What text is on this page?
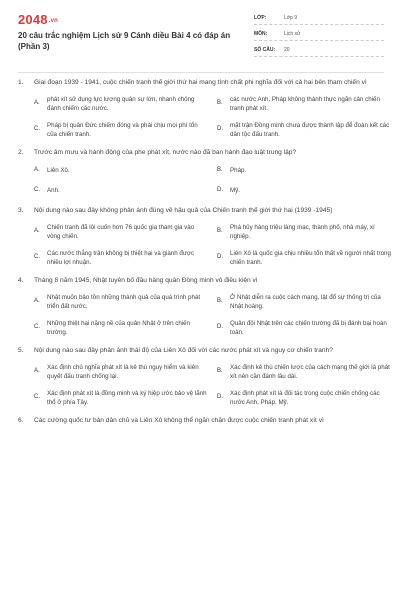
2048.vn
20 câu trắc nghiệm Lịch sử 9 Cánh diều Bài 4 có đáp án (Phần 3)
LỚP:	Lớp 9
MÔN:	Lịch sử
SỐ CÂU:	20
1.	Giai đoạn 1939 - 1941, cuộc chiến tranh thế giới thứ hai mang tính chất phi nghĩa đối với cả hai bên tham chiến vì
A.
phát xít sử dụng lực lượng quân sự lớn, nhanh chóng đánh chiếm các nước.
B.
các nước Anh, Pháp không thành thực ngăn cản chiến tranh phát xít.
C.
Pháp bị quân Đức chiếm đóng và phải chịu mọi phí tổn của chiến tranh.
D.
mặt trận Đồng minh chưa được thành lập để đoàn kết các dân tộc đấu tranh.
2.	Trước âm mưu và hành động của phe phát xít, nước nào đã ban hành đạo luật trung lập?
A.	Liên Xô.	B.	Pháp.
C.	Anh.	D.	Mỹ.
3.	Nội dung nào sau đây không phản ánh đúng về hậu quả của Chiến tranh thế giới thứ hai (1939 -1945)
A.
Chiến tranh đã lôi cuốn hơn 76 quốc gia tham gia vào vòng chiến.
B.
Phá hủy hàng triệu làng mạc, thành phố, nhà máy, xí nghiệp.
C.
Các nước thắng trận không bị thiệt hại và giành được nhiều lợi nhuận.
D.
Liên Xô là quốc gia chịu nhiều tổn thất về người nhất trong chiến tranh.
4.	Tháng 8 năm 1945, Nhật tuyên bố đầu hàng quân Đồng minh vô điều kiện vì
A.
Nhật muốn bảo tồn những thành quả của quá trình phát triển đất nước.
B.
Ở Nhật diễn ra cuộc cách mạng, lật đổ sự thống trị của Nhật hoàng.
C.
Những thiệt hại nặng nề của quân Nhật ở trên chiến trường.
D.
Quân đội Nhật trên các chiến trường đã bị đánh bại hoàn toàn.
5.	Nội dung nào sau đây phản ánh thái độ của Liên Xô đối với các nước phát xít và nguy cơ chiến tranh?
A.
Xác định chủ nghĩa phát xít là kẻ thù nguy hiểm và kiên quyết đấu tranh chống lại.
B.
Xác định kẻ thù chiến lược của cách mạng thế giới là phát xít nên cần đánh lâu dài.
C.
Xác định phát xít là đồng minh và ký hiệp ước bảo vệ lãnh thổ ở phía Tây.
D.
Xác định phát xít là đối tác trong cuộc chiến chống các nước Anh, Pháp, Mỹ.
6.	Các cường quốc tư bản dân chủ và Liên Xô không thể ngăn chặn được cuộc chiến tranh phát xít vì
